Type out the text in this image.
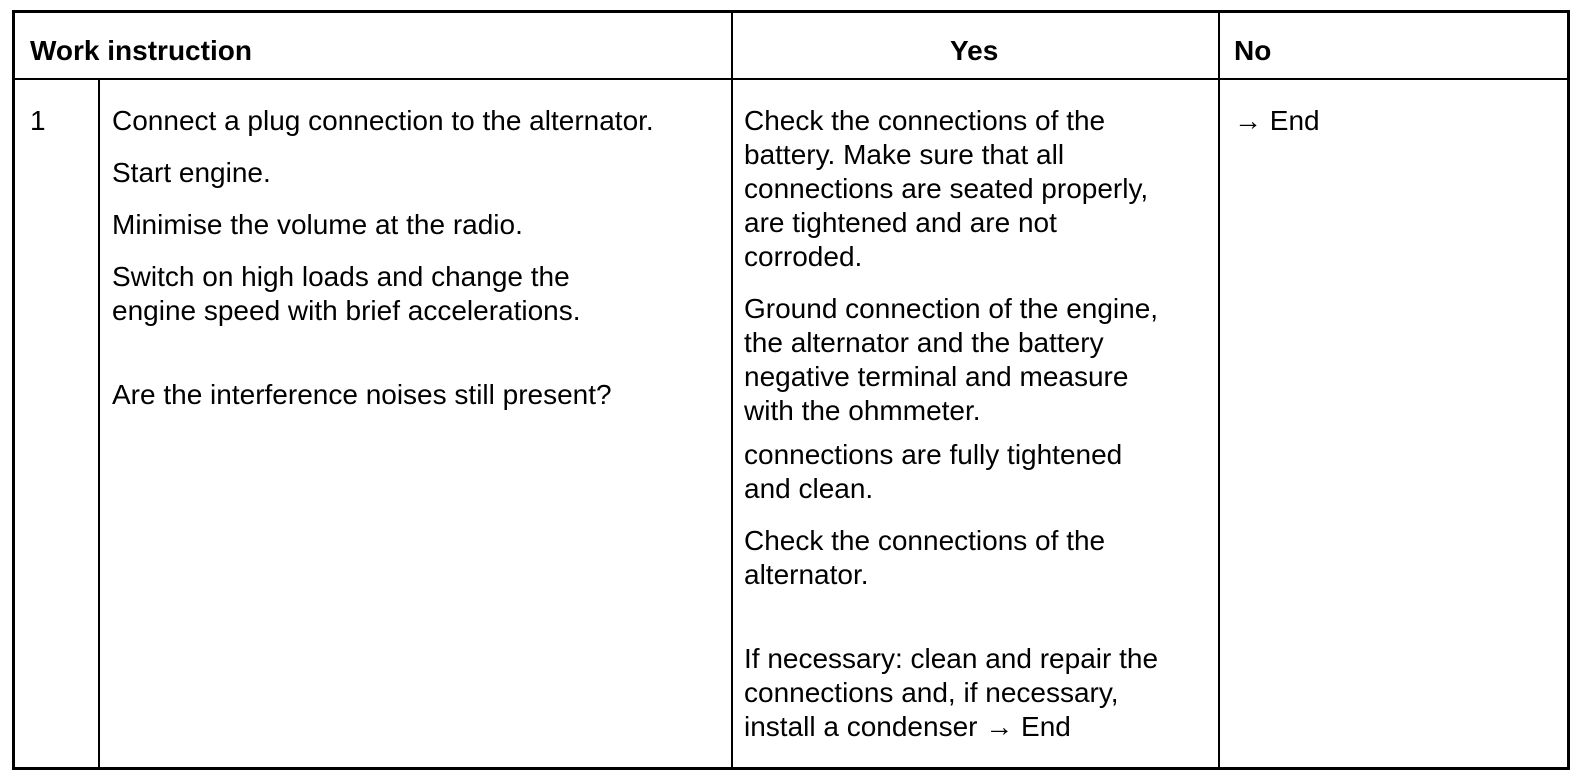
Work instruction	Yes	No
1 Connect a plug connection to the alternator.
Start engine.
Minimise the volume at the radio.
Switch on high loads and change the
engine speed with brief accelerations.
Are the interference noises still present?
Check the connections of the
battery. Make sure that all
connections are seated properly,
are tightened and are not
corroded.
Ground connection of the engine,
the alternator and the battery
negative terminal and measure
with the ohmmeter.
connections are fully tightened
and clean.
Check the connections of the
alternator.
If necessary: clean and repair the
connections and, if necessary,
install a condenser → End
→ End
